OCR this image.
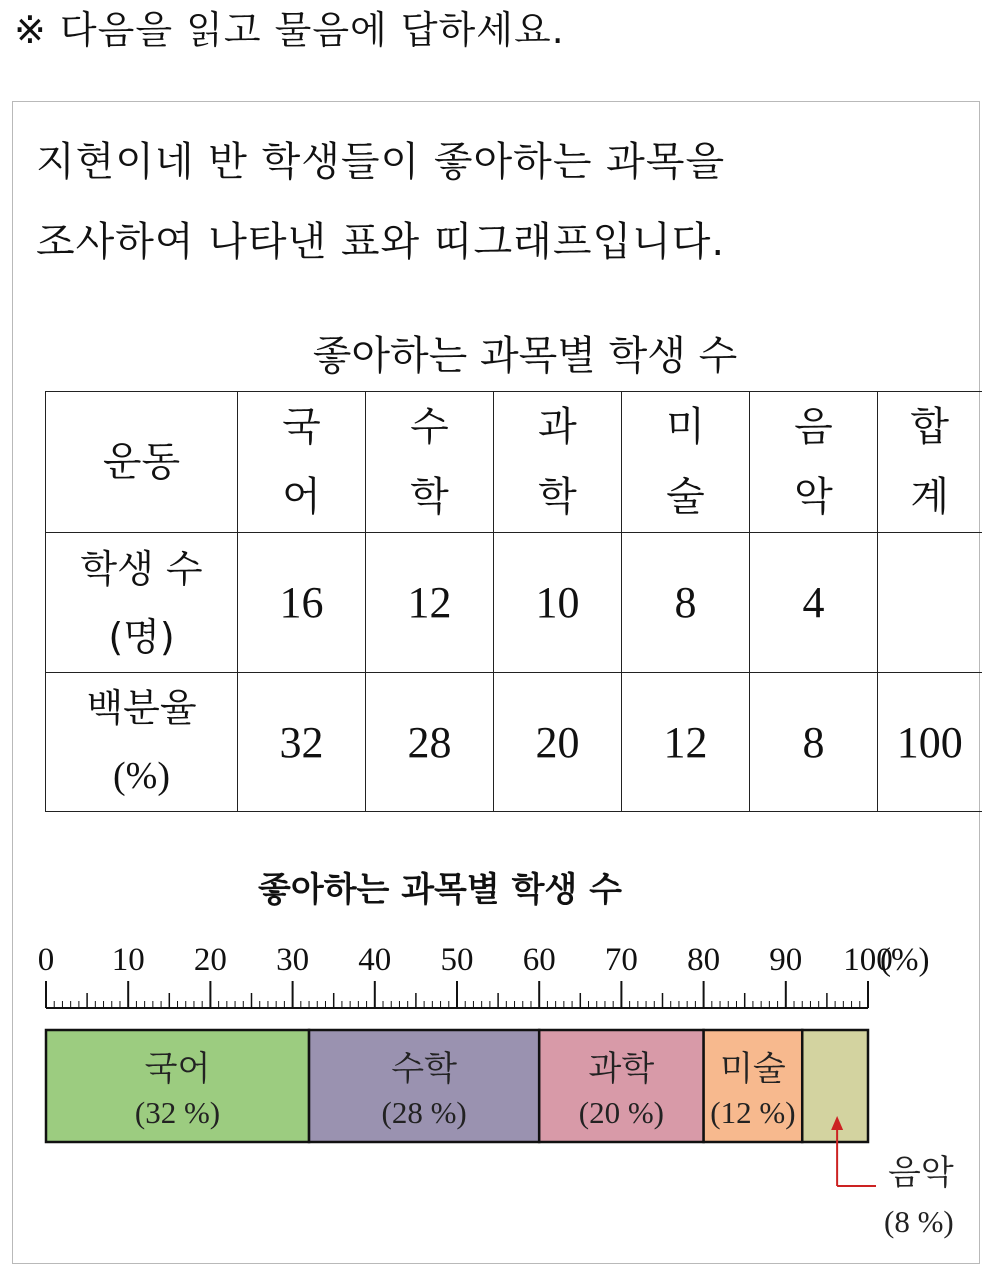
※ 다음을 읽고 물음에 답하세요.
지현이네 반 학생들이 좋아하는 과목을
조사하여 나타낸 표와 띠그래프입니다.
좋아하는 과목별 학생 수
운동	국어	수학	과학	미술	음악	합계

학생 수
(명)	16	12	10	8	4	

백분율
(%)	32	28	20	12	8	100
좋아하는 과목별 학생 수
0 10 20 30 40 50 60 70 80 90 100
(%)
국어
(32 %)
수학
(28 %)
과학
(20 %)
미술
(12 %)
음악
(8 %)
